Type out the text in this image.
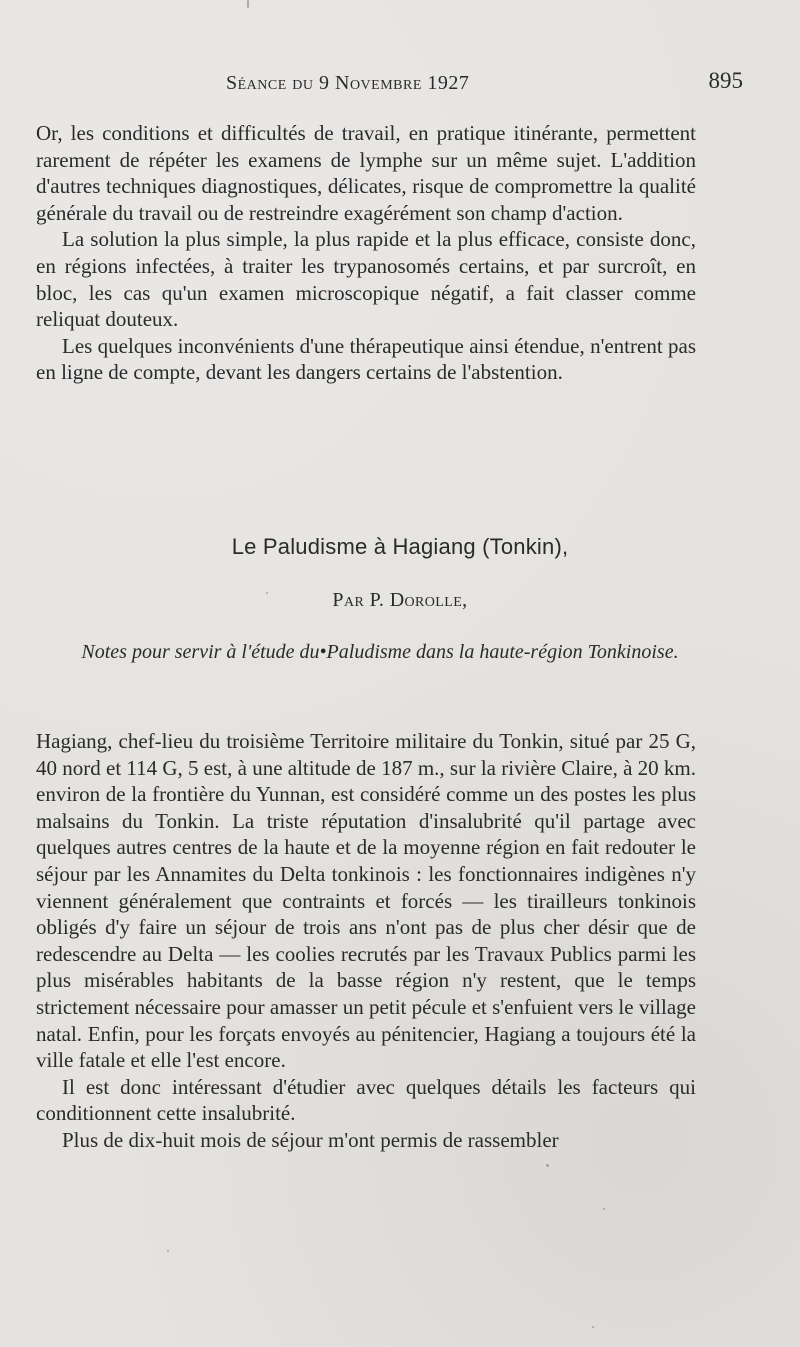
Séance du 9 Novembre 1927	895

Or, les conditions et difficultés de travail, en pratique itinérante, permettent rarement de répéter les examens de lymphe sur un même sujet. L'addition d'autres techniques diagnostiques, délicates, risque de compromettre la qualité générale du travail ou de restreindre exagérément son champ d'action.

La solution la plus simple, la plus rapide et la plus efficace, consiste donc, en régions infectées, à traiter les trypanosomés certains, et par surcroît, en bloc, les cas qu'un examen microscopique négatif, a fait classer comme reliquat douteux.

Les quelques inconvénients d'une thérapeutique ainsi étendue, n'entrent pas en ligne de compte, devant les dangers certains de l'abstention.

Le Paludisme à Hagiang (Tonkin),
Par P. Dorolle,
Notes pour servir à l'étude du•Paludisme dans la haute-région Tonkinoise.

Hagiang, chef-lieu du troisième Territoire militaire du Tonkin, situé par 25 G, 40 nord et 114 G, 5 est, à une altitude de 187 m., sur la rivière Claire, à 20 km. environ de la frontière du Yunnan, est considéré comme un des postes les plus malsains du Tonkin. La triste réputation d'insalubrité qu'il partage avec quelques autres centres de la haute et de la moyenne région en fait redouter le séjour par les Annamites du Delta tonkinois : les fonctionnaires indigènes n'y viennent généralement que contraints et forcés — les tirailleurs tonkinois obligés d'y faire un séjour de trois ans n'ont pas de plus cher désir que de redescendre au Delta — les coolies recrutés par les Travaux Publics parmi les plus misérables habitants de la basse région n'y restent, que le temps strictement nécessaire pour amasser un petit pécule et s'enfuient vers le village natal. Enfin, pour les forçats envoyés au pénitencier, Hagiang a toujours été la ville fatale et elle l'est encore.

Il est donc intéressant d'étudier avec quelques détails les facteurs qui conditionnent cette insalubrité.

Plus de dix-huit mois de séjour m'ont permis de rassembler
